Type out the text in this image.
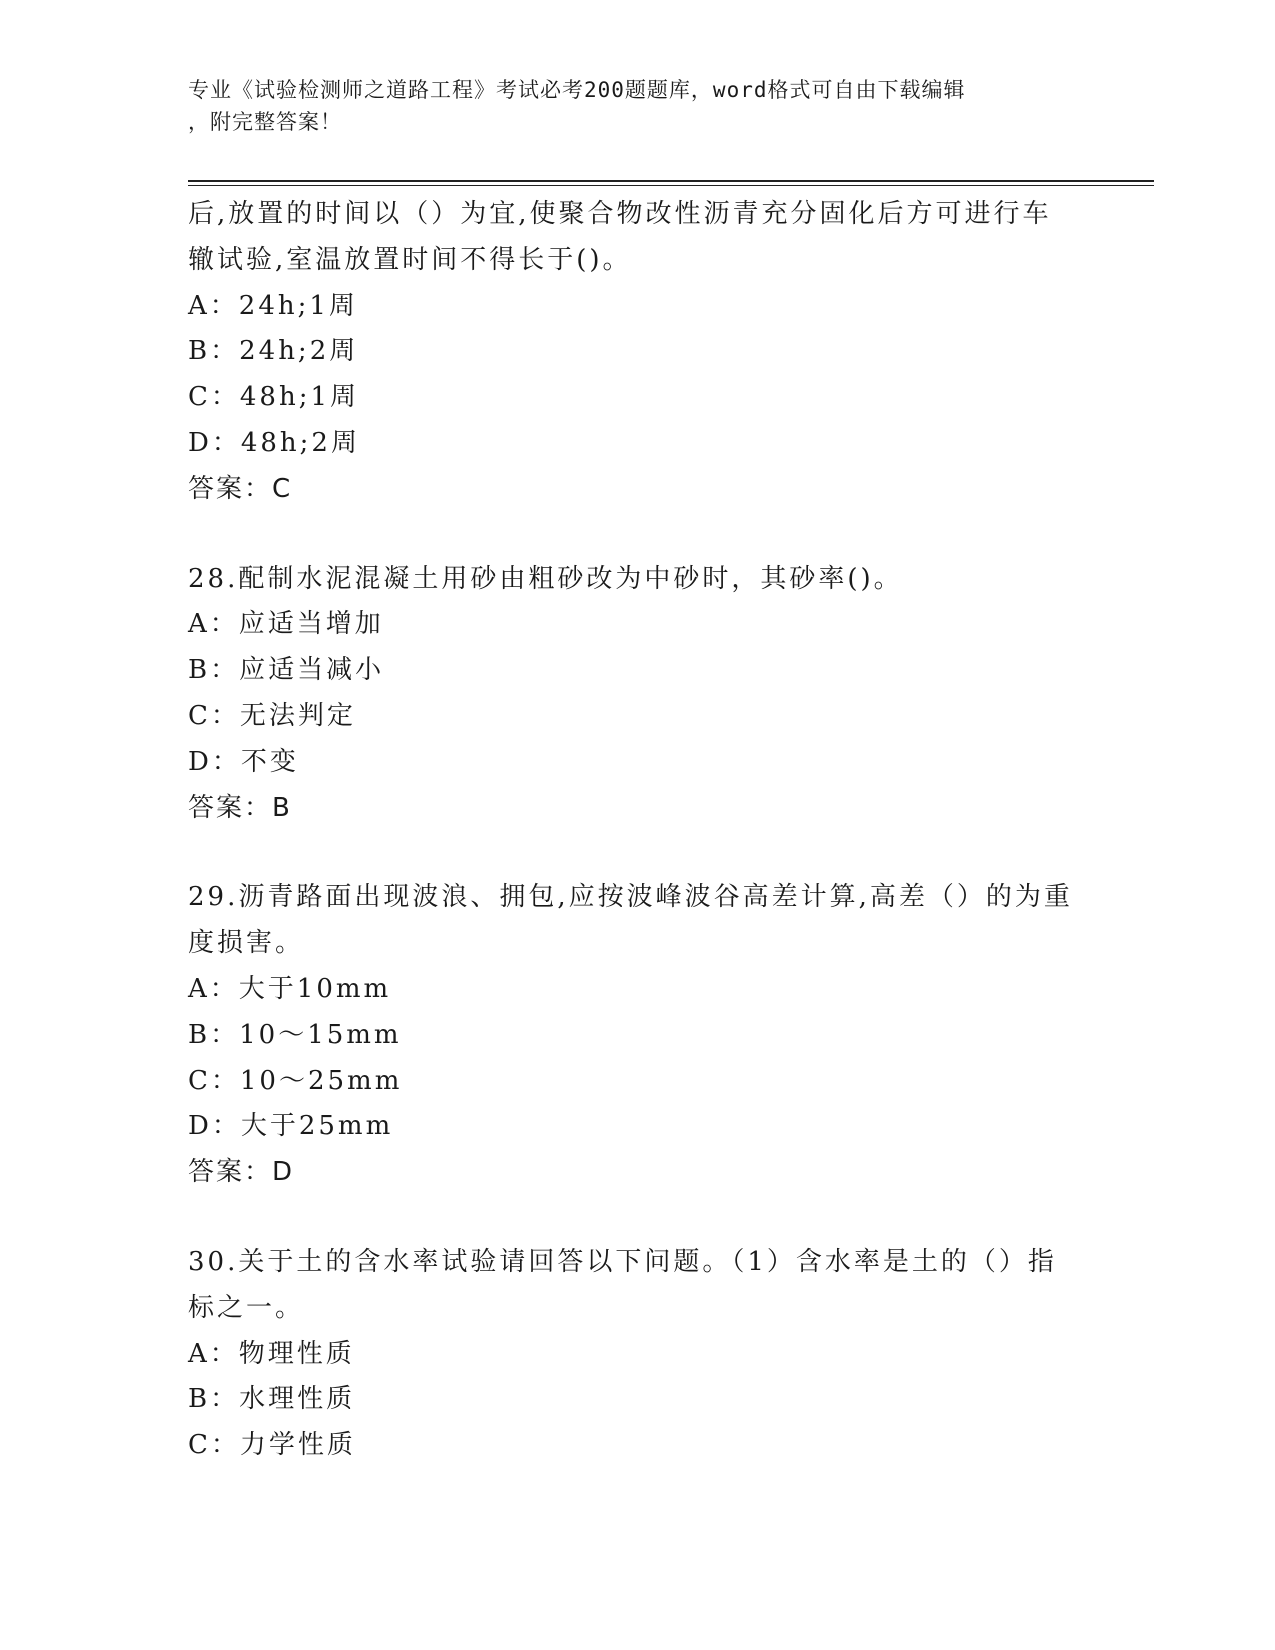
专业《试验检测师之道路工程》考试必考200题题库，word格式可自由下载编辑
，附完整答案！
后,放置的时间以（）为宜,使聚合物改性沥青充分固化后方可进行车
辙试验,室温放置时间不得长于()。
A：24h;1周
B：24h;2周
C：48h;1周
D：48h;2周
答案：C
28.配制水泥混凝土用砂由粗砂改为中砂时，其砂率()。
A：应适当增加
B：应适当减小
C：无法判定
D：不变
答案：B
29.沥青路面出现波浪、拥包,应按波峰波谷高差计算,高差（）的为重
度损害。
A：大于10mm
B：10～15mm
C：10～25mm
D：大于25mm
答案：D
30.关于土的含水率试验请回答以下问题。（1）含水率是土的（）指
标之一。
A：物理性质
B：水理性质
C：力学性质
